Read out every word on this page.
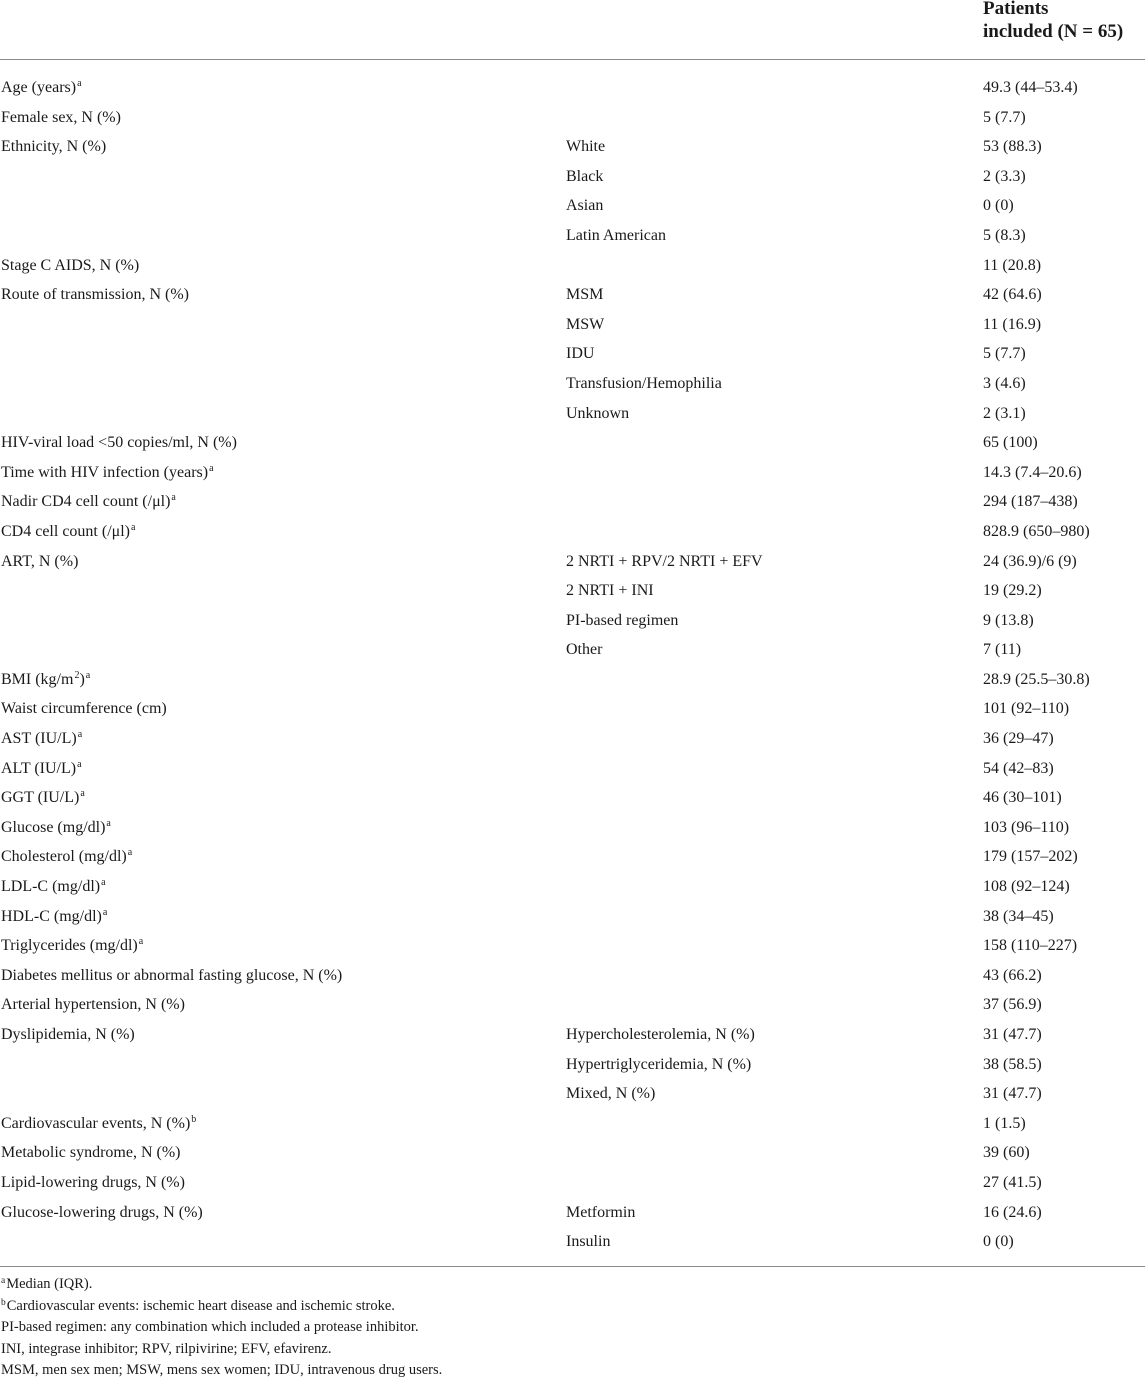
Patients
included (N = 65)
Age (years)$^a$	49.3 (44–53.4)
Female sex, N (%)	5 (7.7)
Ethnicity, N (%)	White	53 (88.3)
Black	2 (3.3)
Asian	0 (0)
Latin American	5 (8.3)
Stage C AIDS, N (%)	11 (20.8)
Route of transmission, N (%)	MSM	42 (64.6)
MSW	11 (16.9)
IDU	5 (7.7)
Transfusion/Hemophilia	3 (4.6)
Unknown	2 (3.1)
HIV-viral load <50 copies/ml, N (%)	65 (100)
Time with HIV infection (years)$^a$	14.3 (7.4–20.6)
Nadir CD4 cell count $(/\mu l)^a$	294 (187–438)
CD4 cell count $(/\mu l)^a$	828.9 (650–980)
ART, N (%)	2 NRTI + RPV/2 NRTI + EFV	24 (36.9)/6 (9)
2 NRTI + INI	19 (29.2)
PI-based regimen	9 (13.8)
Other	7 (11)
BMI $(kg/m^2)^a$	28.9 (25.5–30.8)
Waist circumference (cm)	101 (92–110)
AST $(IU/L)^a$	36 (29–47)
ALT $(IU/L)^a$	54 (42–83)
GGT $(IU/L)^a$	46 (30–101)
Glucose $(mg/dl)^a$	103 (96–110)
Cholesterol $(mg/dl)^a$	179 (157–202)
LDL-C $(mg/dl)^a$	108 (92–124)
HDL-C $(mg/dl)^a$	38 (34–45)
Triglycerides $(mg/dl)^a$	158 (110–227)
Diabetes mellitus or abnormal fasting glucose, N (%)	43 (66.2)
Arterial hypertension, N (%)	37 (56.9)
Dyslipidemia, N (%)	Hypercholesterolemia, N (%)	31 (47.7)
Hypertriglyceridemia, N (%)	38 (58.5)
Mixed, N (%)	31 (47.7)
Cardiovascular events, N (%)$^b$	1 (1.5)
Metabolic syndrome, N (%)	39 (60)
Lipid-lowering drugs, N (%)	27 (41.5)
Glucose-lowering drugs, N (%)	Metformin	16 (24.6)
Insulin	0 (0)
$^a$Median (IQR).
$^b$Cardiovascular events: ischemic heart disease and ischemic stroke.
PI-based regimen: any combination which included a protease inhibitor.
INI, integrase inhibitor; RPV, rilpivirine; EFV, efavirenz.
MSM, men sex men; MSW, mens sex women; IDU, intravenous drug users.
